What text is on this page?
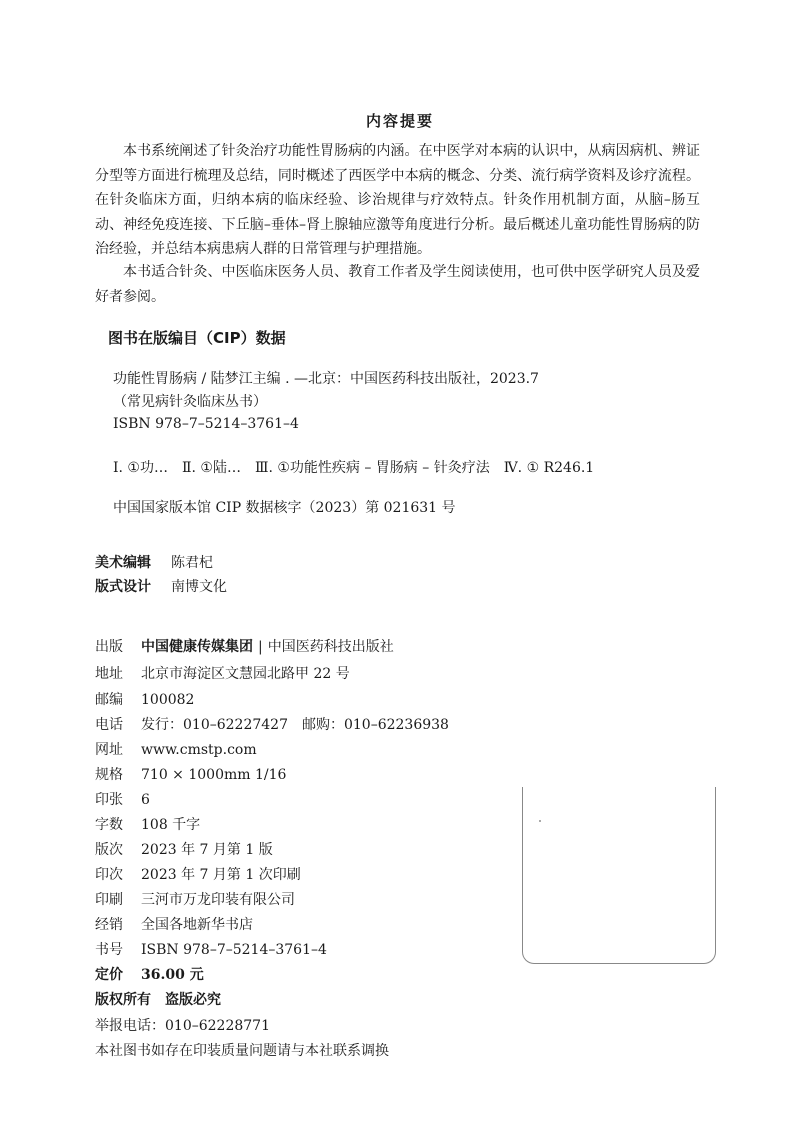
内容提要
本书系统阐述了针灸治疗功能性胃肠病的内涵。在中医学对本病的认识中，从病因病机、辨证分型等方面进行梳理及总结，同时概述了西医学中本病的概念、分类、流行病学资料及诊疗流程。在针灸临床方面，归纳本病的临床经验、诊治规律与疗效特点。针灸作用机制方面，从脑–肠互动、神经免疫连接、下丘脑–垂体–肾上腺轴应激等角度进行分析。最后概述儿童功能性胃肠病的防治经验，并总结本病患病人群的日常管理与护理措施。
本书适合针灸、中医临床医务人员、教育工作者及学生阅读使用，也可供中医学研究人员及爱好者参阅。
图书在版编目（CIP）数据
功能性胃肠病 / 陆梦江主编 . —北京：中国医药科技出版社，2023.7
（常见病针灸临床丛书）
ISBN 978–7–5214–3761–4
Ⅰ. ①功…　Ⅱ. ①陆…　Ⅲ. ①功能性疾病 – 胃肠病 – 针灸疗法　Ⅳ. ① R246.1
中国国家版本馆 CIP 数据核字（2023）第 021631 号
美术编辑 陈君杞
版式设计 南博文化
出版 中国健康传媒集团 | 中国医药科技出版社
地址 北京市海淀区文慧园北路甲 22 号
邮编 100082
电话 发行：010–62227427　邮购：010–62236938
网址 www.cmstp.com
规格 710 × 1000mm 1/16
印张 6
字数 108 千字
版次 2023 年 7 月第 1 版
印次 2023 年 7 月第 1 次印刷
印刷 三河市万龙印装有限公司
经销 全国各地新华书店
书号 ISBN 978–7–5214–3761–4
定价 36.00 元
版权所有　盗版必究
举报电话：010–62228771
本社图书如存在印装质量问题请与本社联系调换
